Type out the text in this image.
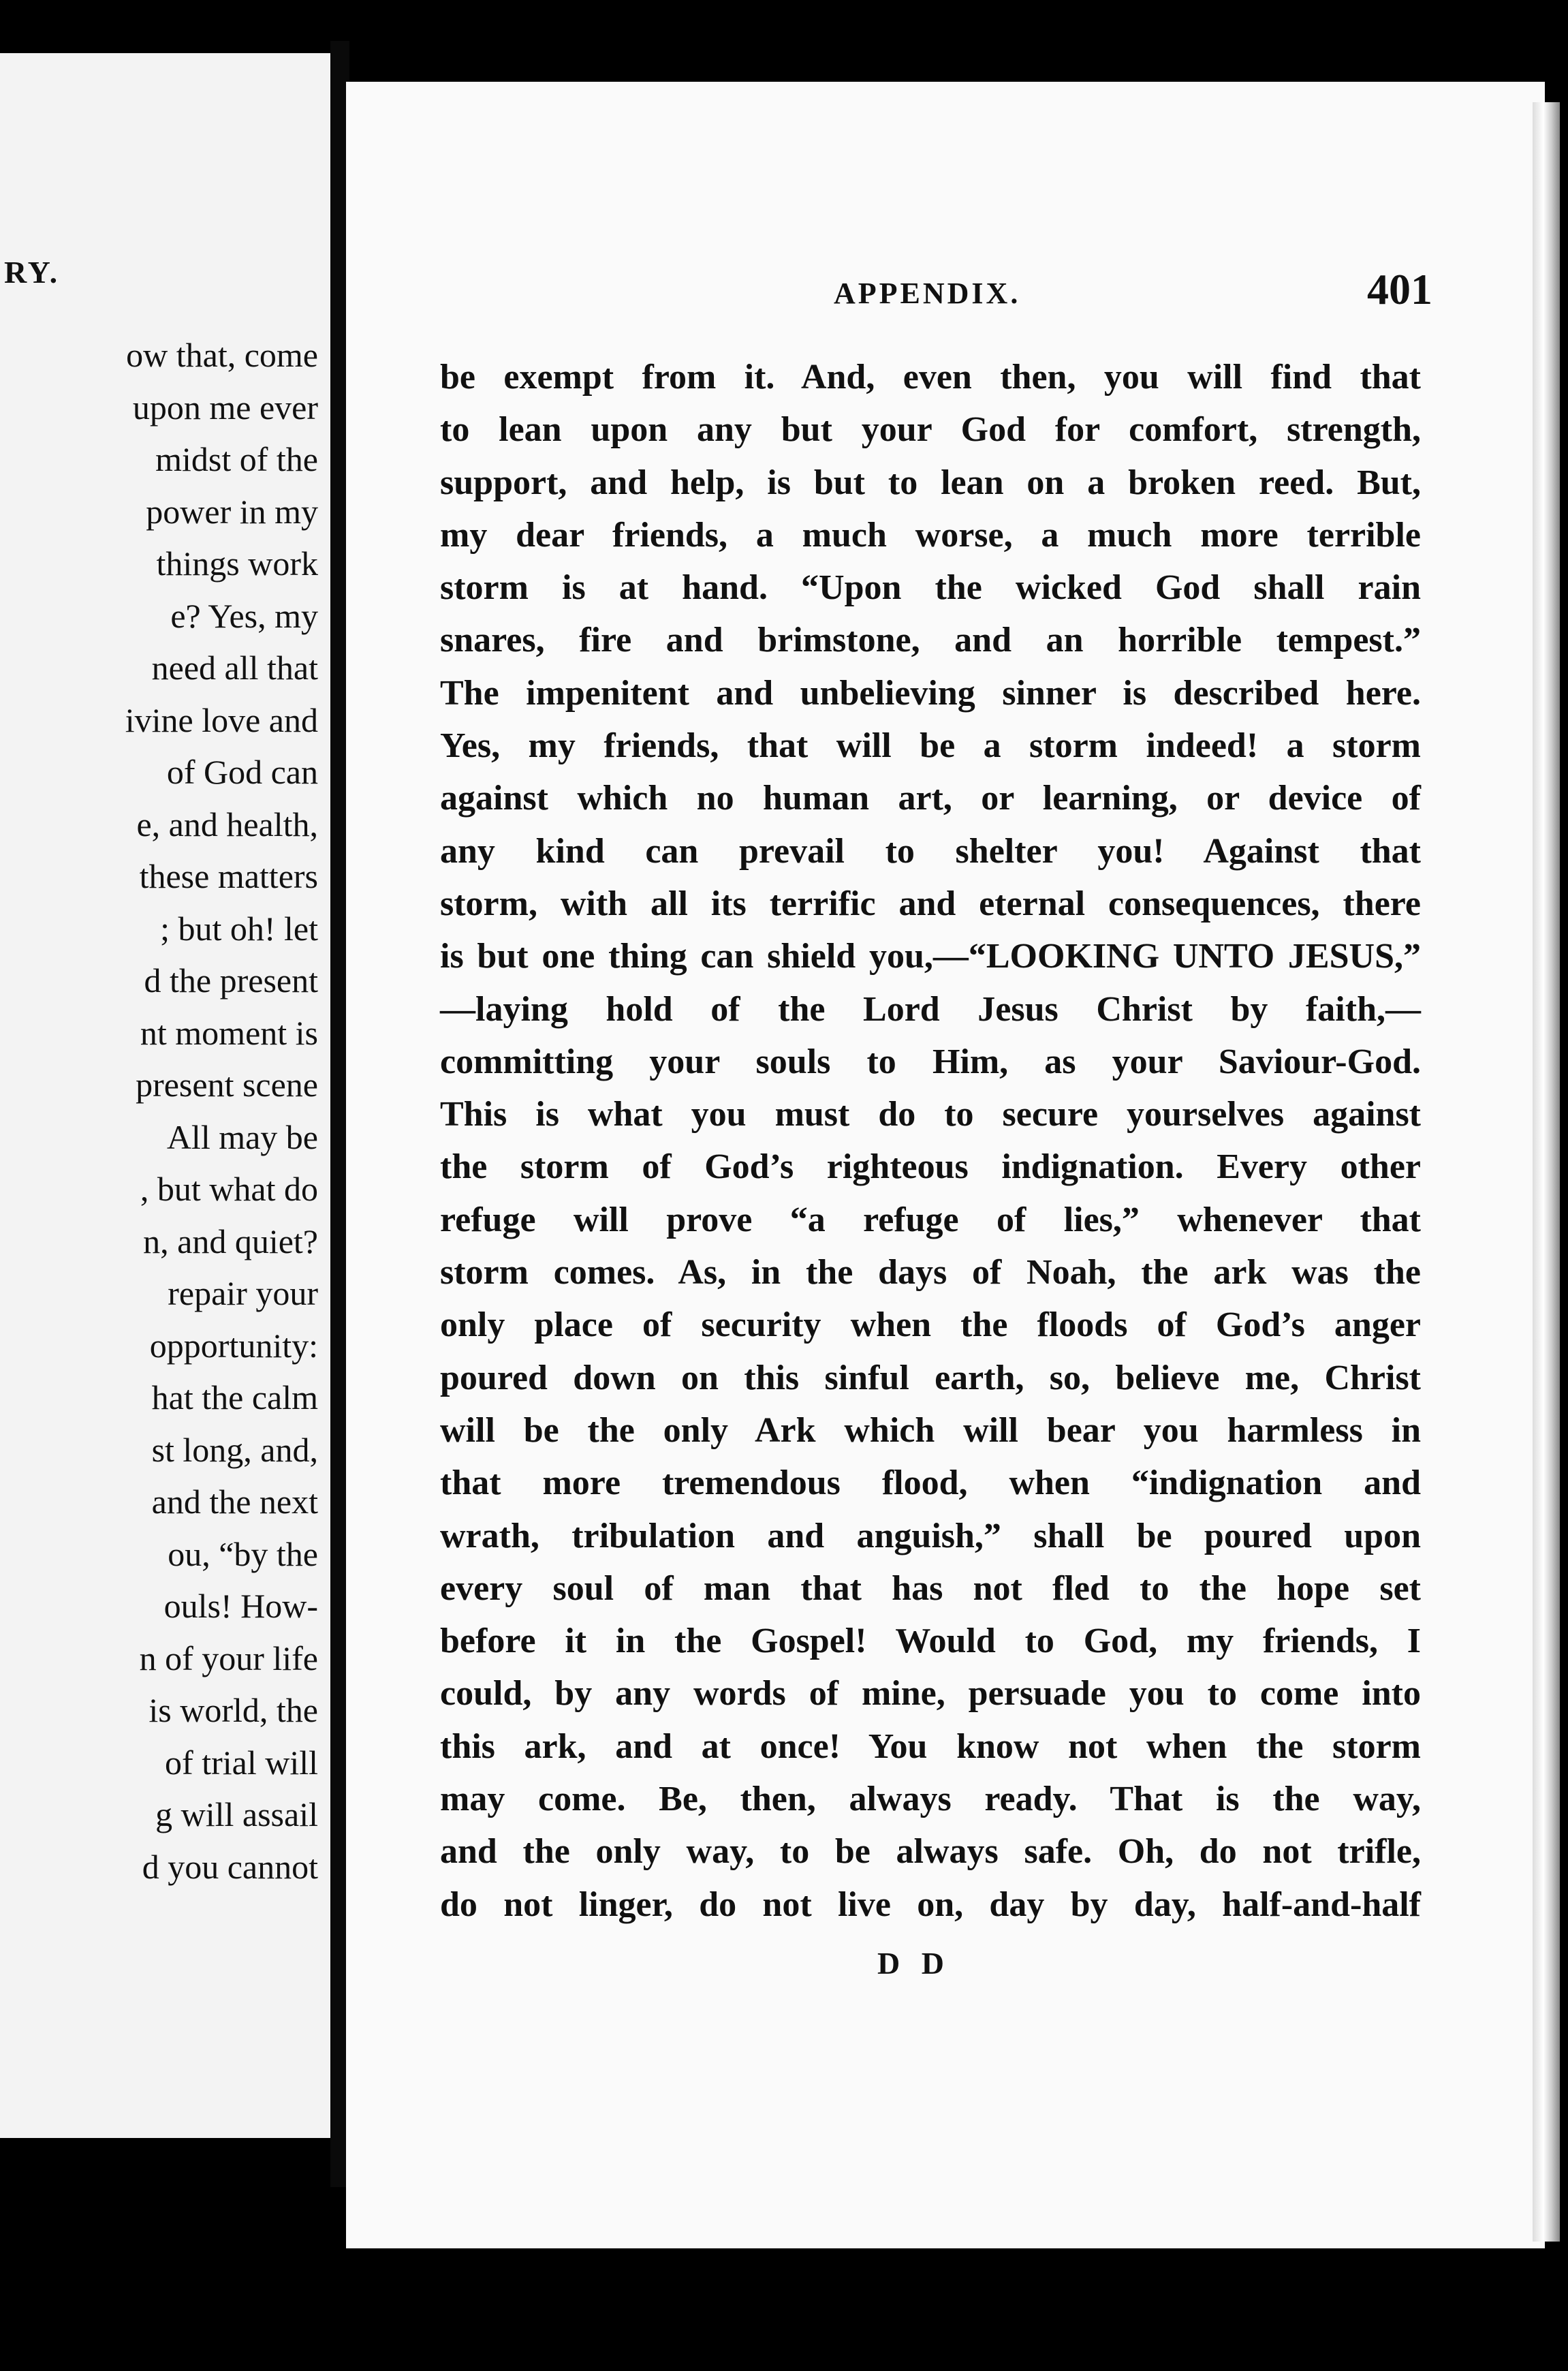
RY.
ow that, come
upon me ever
midst of the
power in my
things work
e? Yes, my
need all that
ivine love and
of God can
e, and health,
these matters
; but oh! let
d the present
nt moment is
present scene
All may be
, but what do
n, and quiet?
repair your
opportunity:
hat the calm
st long, and,
and the next
ou, “by the
ouls! How-
n of your life
is world, the
of trial will
g will assail
d you cannot
APPENDIX.	401
be exempt from it. And, even then, you will find that
to lean upon any but your God for comfort, strength,
support, and help, is but to lean on a broken reed. But,
my dear friends, a much worse, a much more terrible
storm is at hand. “Upon the wicked God shall rain
snares, fire and brimstone, and an horrible tempest.”
The impenitent and unbelieving sinner is described here.
Yes, my friends, that will be a storm indeed! a storm
against which no human art, or learning, or device of
any kind can prevail to shelter you! Against that
storm, with all its terrific and eternal consequences, there
is but one thing can shield you,—“LOOKING UNTO JESUS,”
—laying hold of the Lord Jesus Christ by faith,—
committing your souls to Him, as your Saviour-God.
This is what you must do to secure yourselves against
the storm of God’s righteous indignation. Every other
refuge will prove “a refuge of lies,” whenever that
storm comes. As, in the days of Noah, the ark was the
only place of security when the floods of God’s anger
poured down on this sinful earth, so, believe me, Christ
will be the only Ark which will bear you harmless in
that more tremendous flood, when “indignation and
wrath, tribulation and anguish,” shall be poured upon
every soul of man that has not fled to the hope set
before it in the Gospel! Would to God, my friends, I
could, by any words of mine, persuade you to come into
this ark, and at once! You know not when the storm
may come. Be, then, always ready. That is the way,
and the only way, to be always safe. Oh, do not trifle,
do not linger, do not live on, day by day, half-and-half
D D
